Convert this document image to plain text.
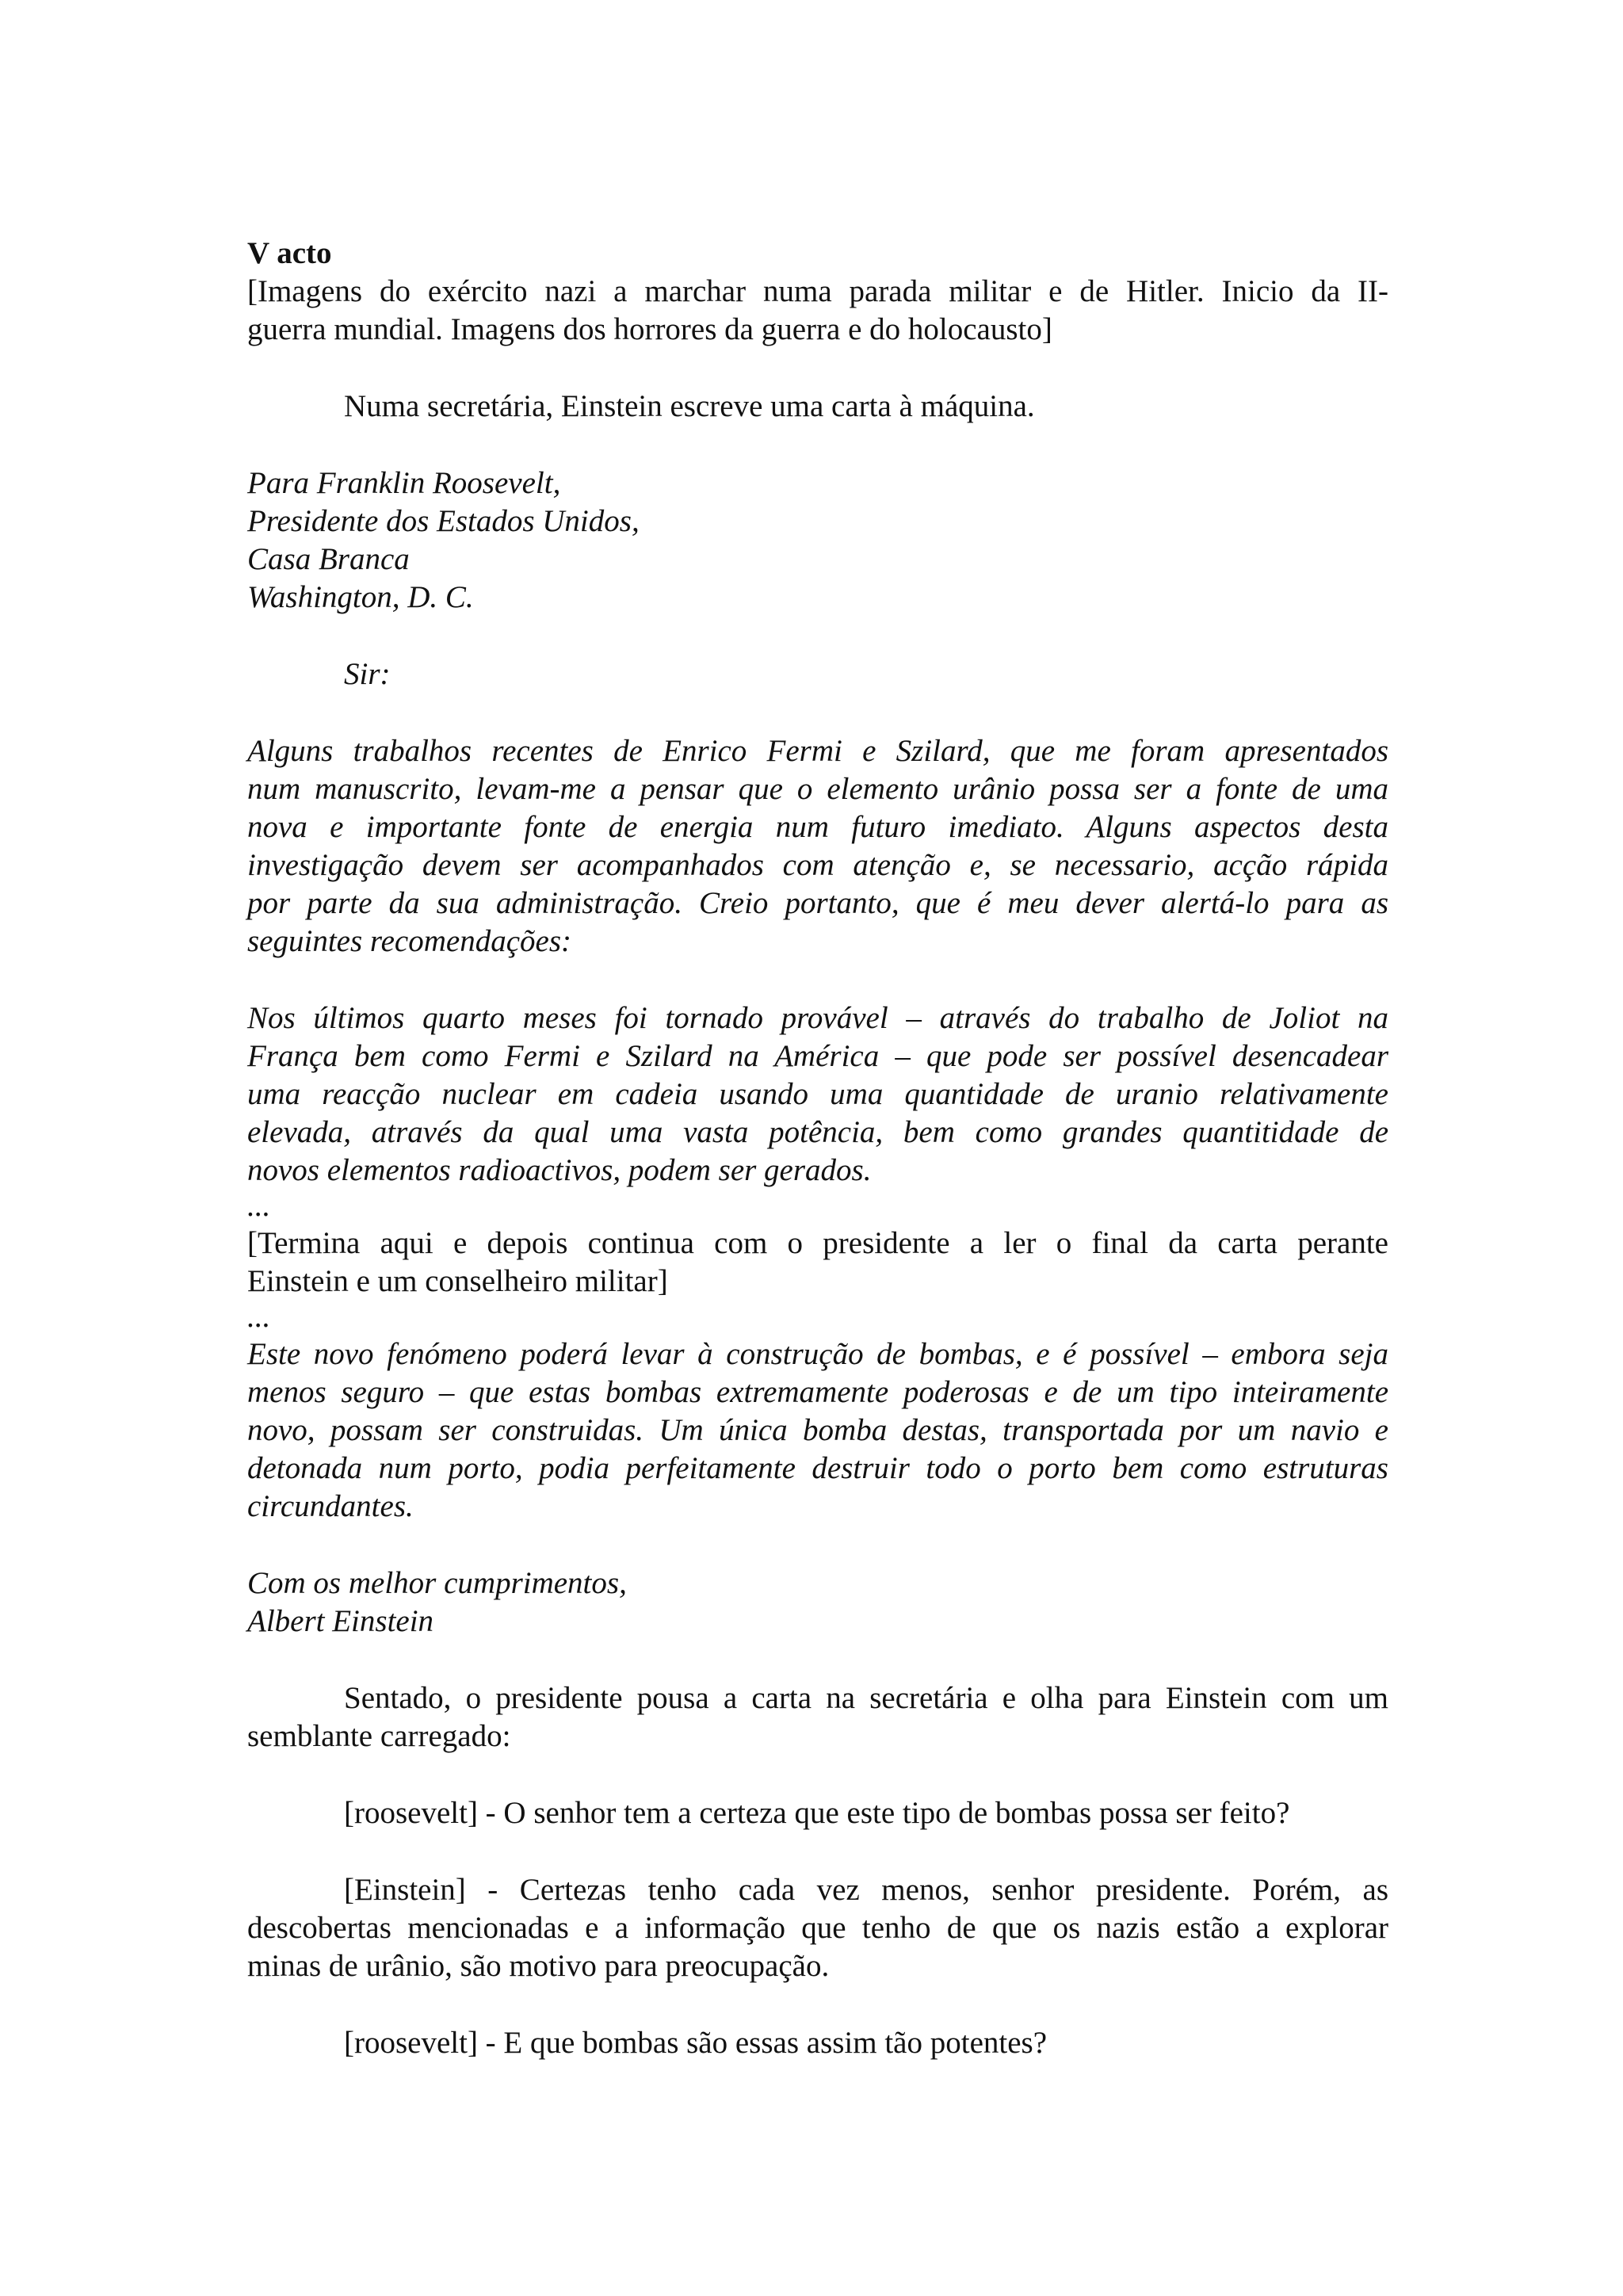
V acto
[Imagens do exército nazi a marchar numa parada militar e de Hitler. Inicio da II-
guerra mundial. Imagens dos horrores da guerra e do holocausto]
Numa secretária, Einstein escreve uma carta à máquina.
Para Franklin Roosevelt,
Presidente dos Estados Unidos,
Casa Branca
Washington, D. C.
Sir:
Alguns trabalhos recentes de Enrico Fermi e Szilard, que me foram apresentados
num manuscrito, levam-me a pensar que o elemento urânio possa ser a fonte de uma
nova e importante fonte de energia num futuro imediato. Alguns aspectos desta
investigação devem ser acompanhados com atenção e, se necessario, acção rápida
por parte da sua administração. Creio portanto, que é meu dever alertá-lo para as
seguintes recomendações:
Nos últimos quarto meses foi tornado provável – através do trabalho de Joliot na
França bem como Fermi e Szilard na América – que pode ser possível desencadear
uma reacção nuclear em cadeia usando uma quantidade de uranio relativamente
elevada, através da qual uma vasta potência, bem como grandes quantitidade de
novos elementos radioactivos, podem ser gerados.
...
[Termina aqui e depois continua com o presidente a ler o final da carta perante
Einstein e um conselheiro militar]
...
Este novo fenómeno poderá levar à construção de bombas, e é possível – embora seja
menos seguro – que estas bombas extremamente poderosas e de um tipo inteiramente
novo, possam ser construidas. Um única bomba destas, transportada por um navio e
detonada num porto, podia perfeitamente destruir todo o porto bem como estruturas
circundantes.
Com os melhor cumprimentos,
Albert Einstein
Sentado, o presidente pousa a carta na secretária e olha para Einstein com um
semblante carregado:
[roosevelt] - O senhor tem a certeza que este tipo de bombas possa ser feito?
[Einstein] - Certezas tenho cada vez menos, senhor presidente. Porém, as
descobertas mencionadas e a informação que tenho de que os nazis estão a explorar
minas de urânio, são motivo para preocupação.
[roosevelt] - E que bombas são essas assim tão potentes?
